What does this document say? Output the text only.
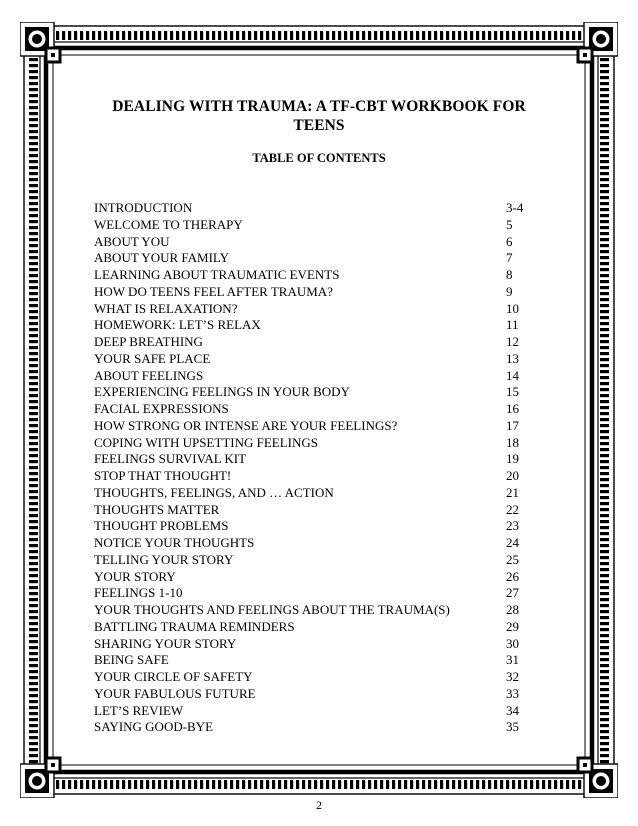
DEALING WITH TRAUMA: A TF-CBT WORKBOOK FOR TEENS
TABLE OF CONTENTS
INTRODUCTION	3-4
WELCOME TO THERAPY	5
ABOUT YOU	6
ABOUT YOUR FAMILY	7
LEARNING ABOUT TRAUMATIC EVENTS	8
HOW DO TEENS FEEL AFTER TRAUMA?	9
WHAT IS RELAXATION?	10
HOMEWORK: LET’S RELAX	11
DEEP BREATHING	12
YOUR SAFE PLACE	13
ABOUT FEELINGS	14
EXPERIENCING FEELINGS IN YOUR BODY	15
FACIAL EXPRESSIONS	16
HOW STRONG OR INTENSE ARE YOUR FEELINGS?	17
COPING WITH UPSETTING FEELINGS	18
FEELINGS SURVIVAL KIT	19
STOP THAT THOUGHT!	20
THOUGHTS, FEELINGS, AND … ACTION	21
THOUGHTS MATTER	22
THOUGHT PROBLEMS	23
NOTICE YOUR THOUGHTS	24
TELLING YOUR STORY	25
YOUR STORY	26
FEELINGS 1-10	27
YOUR THOUGHTS AND FEELINGS ABOUT THE TRAUMA(S)	28
BATTLING TRAUMA REMINDERS	29
SHARING YOUR STORY	30
BEING SAFE	31
YOUR CIRCLE OF SAFETY	32
YOUR FABULOUS FUTURE	33
LET’S REVIEW	34
SAYING GOOD-BYE	35
2
